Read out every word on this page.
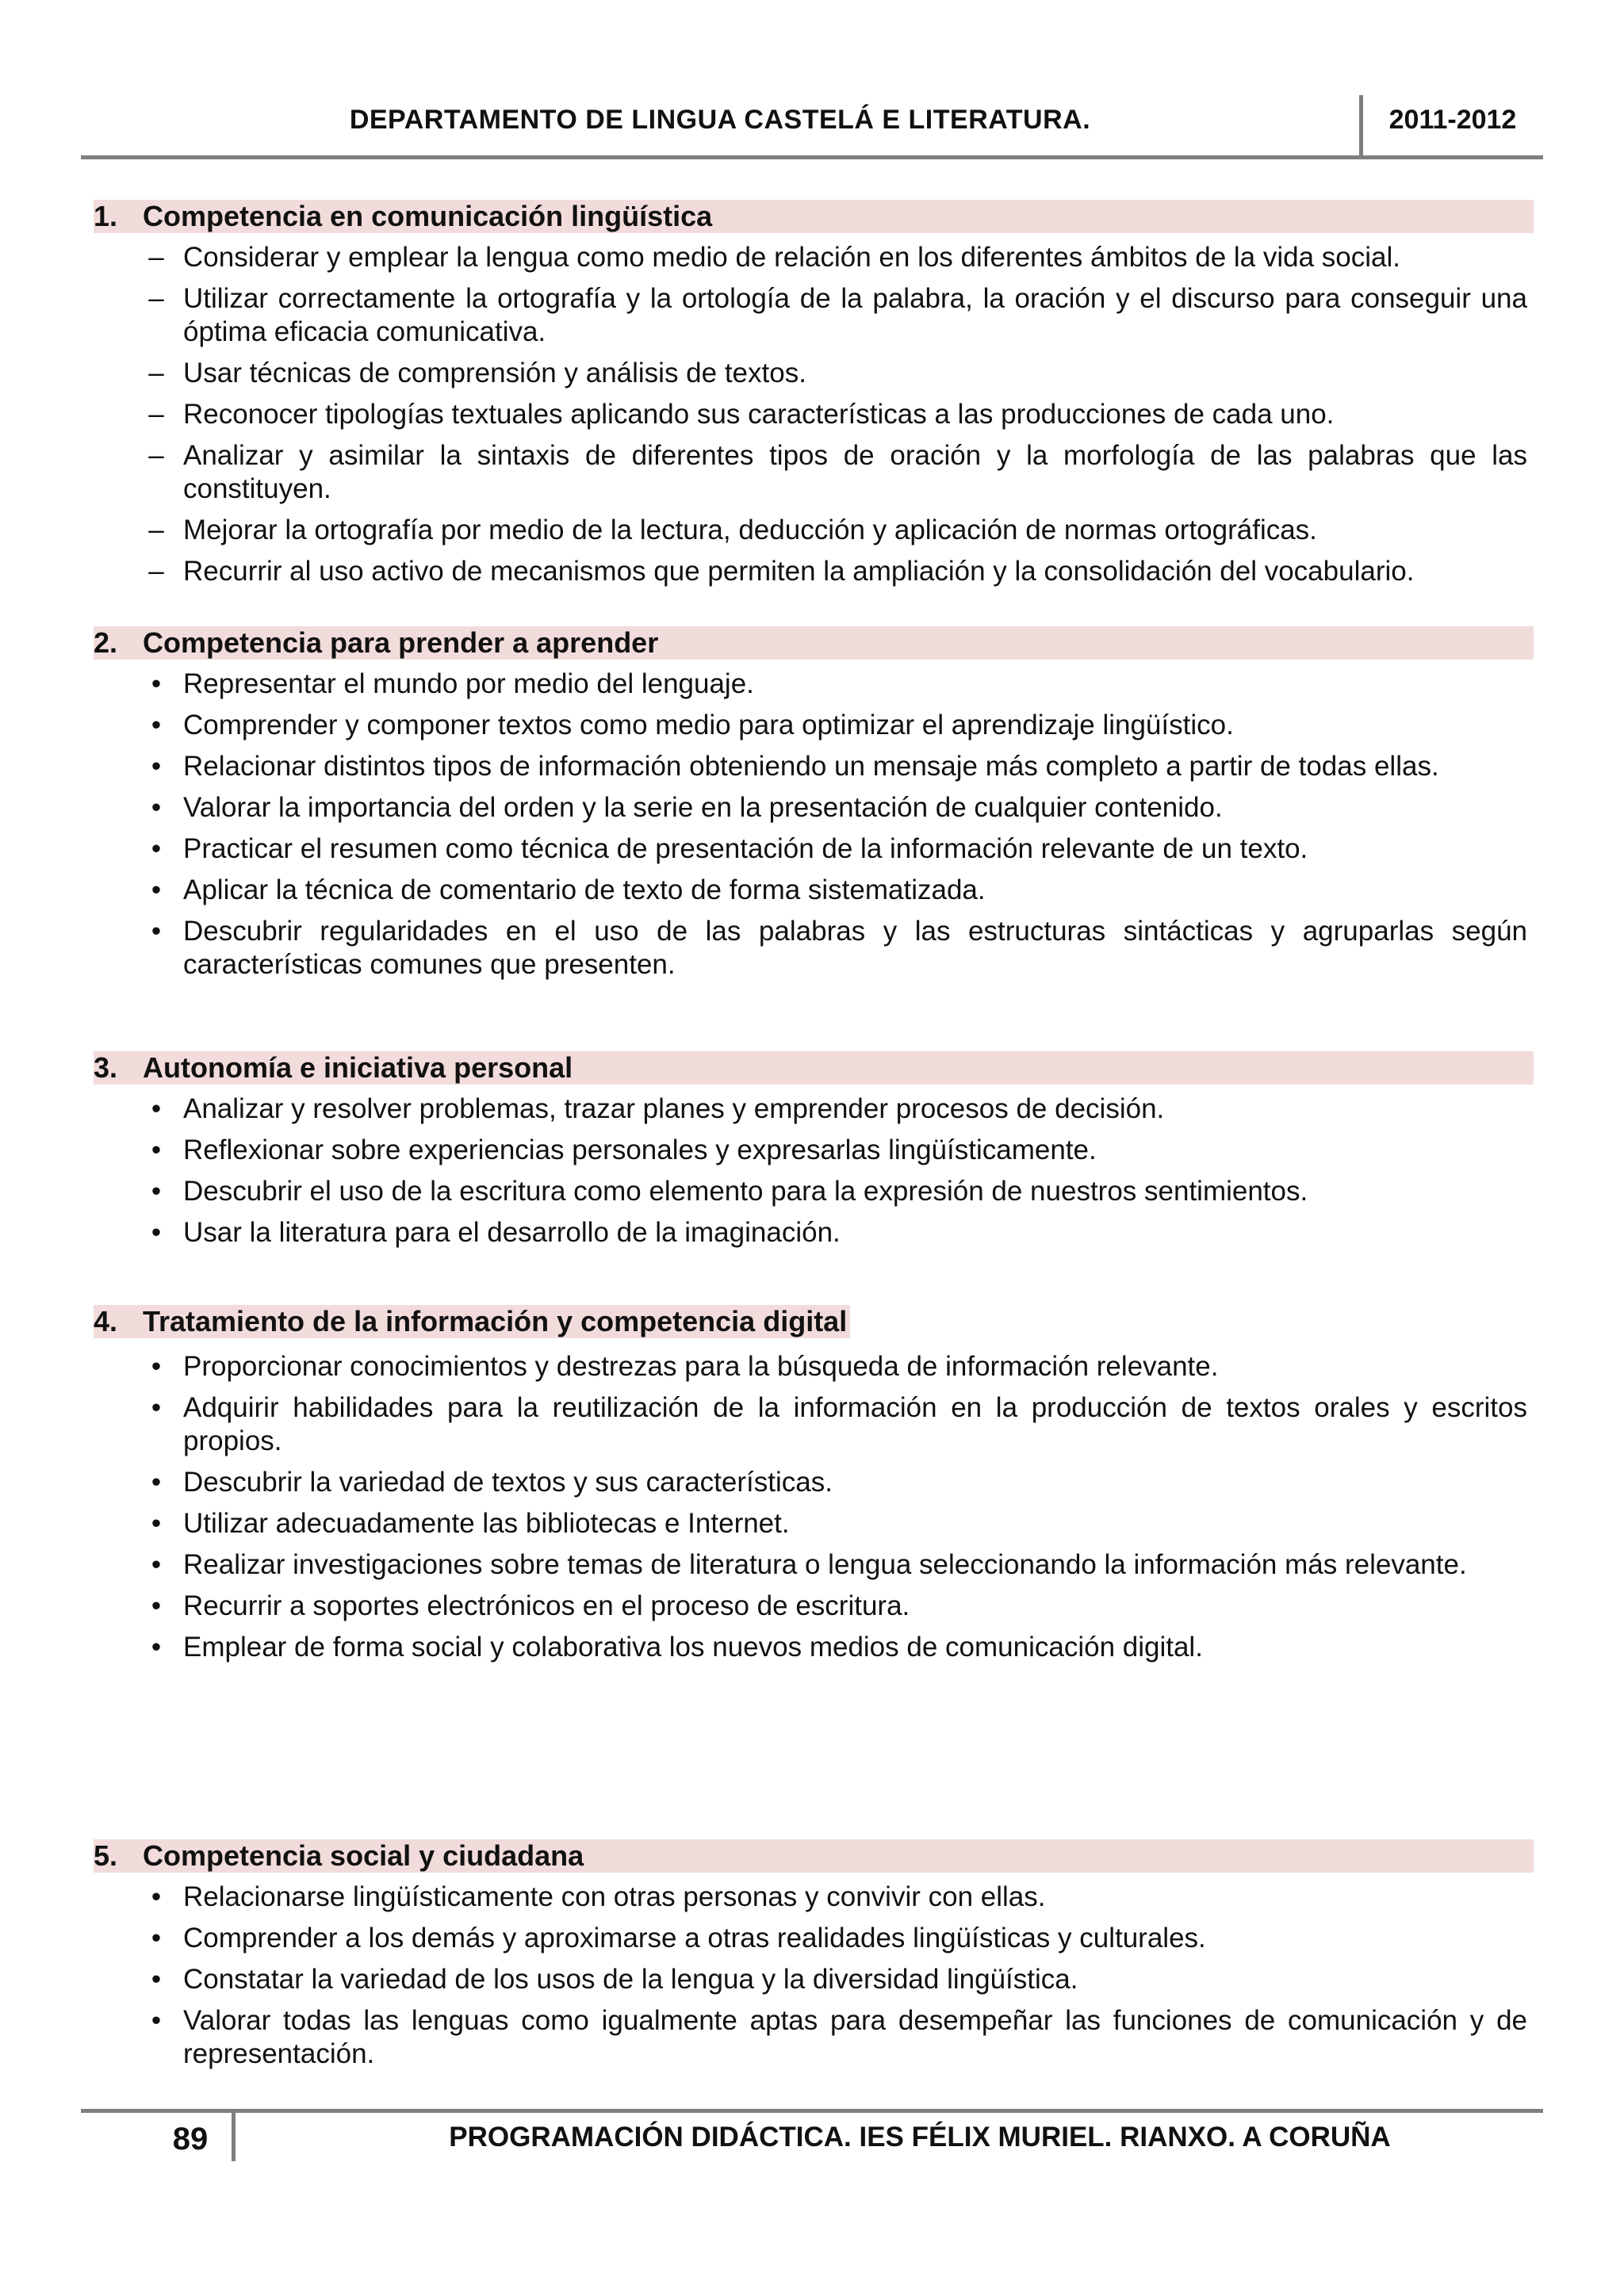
DEPARTAMENTO DE LINGUA CASTELÁ E LITERATURA.	2011-2012
1. Competencia en comunicación lingüística
– Considerar y emplear la lengua como medio de relación en los diferentes ámbitos de la vida social.
– Utilizar correctamente la ortografía y la ortología de la palabra, la oración y el discurso para conseguir una óptima eficacia comunicativa.
– Usar técnicas de comprensión y análisis de textos.
– Reconocer tipologías textuales aplicando sus características a las producciones de cada uno.
– Analizar y asimilar la sintaxis de diferentes tipos de oración y la morfología de las palabras que las constituyen.
– Mejorar la ortografía por medio de la lectura, deducción y aplicación de normas ortográficas.
– Recurrir al uso activo de mecanismos que permiten la ampliación y la consolidación del vocabulario.
2. Competencia para prender a aprender
• Representar el mundo por medio del lenguaje.
• Comprender y componer textos como medio para optimizar el aprendizaje lingüístico.
• Relacionar distintos tipos de información obteniendo un mensaje más completo a partir de todas ellas.
• Valorar la importancia del orden y la serie en la presentación de cualquier contenido.
• Practicar el resumen como técnica de presentación de la información relevante de un texto.
• Aplicar la técnica de comentario de texto de forma sistematizada.
• Descubrir regularidades en el uso de las palabras y las estructuras sintácticas y agruparlas según características comunes que presenten.
3. Autonomía e iniciativa personal
• Analizar y resolver problemas, trazar planes y emprender procesos de decisión.
• Reflexionar sobre experiencias personales y expresarlas lingüísticamente.
• Descubrir el uso de la escritura como elemento para la expresión de nuestros sentimientos.
• Usar la literatura para el desarrollo de la imaginación.
4. Tratamiento de la información y competencia digital
• Proporcionar conocimientos y destrezas para la búsqueda de información relevante.
• Adquirir habilidades para la reutilización de la información en la producción de textos orales y escritos propios.
• Descubrir la variedad de textos y sus características.
• Utilizar adecuadamente las bibliotecas e Internet.
• Realizar investigaciones sobre temas de literatura o lengua seleccionando la información más relevante.
• Recurrir a soportes electrónicos en el proceso de escritura.
• Emplear de forma social y colaborativa los nuevos medios de comunicación digital.
5. Competencia social y ciudadana
• Relacionarse lingüísticamente con otras personas y convivir con ellas.
• Comprender a los demás y aproximarse a otras realidades lingüísticas y culturales.
• Constatar la variedad de los usos de la lengua y la diversidad lingüística.
• Valorar todas las lenguas como igualmente aptas para desempeñar las funciones de comunicación y de representación.
89	PROGRAMACIÓN DIDÁCTICA. IES FÉLIX MURIEL. RIANXO. A CORUÑA
